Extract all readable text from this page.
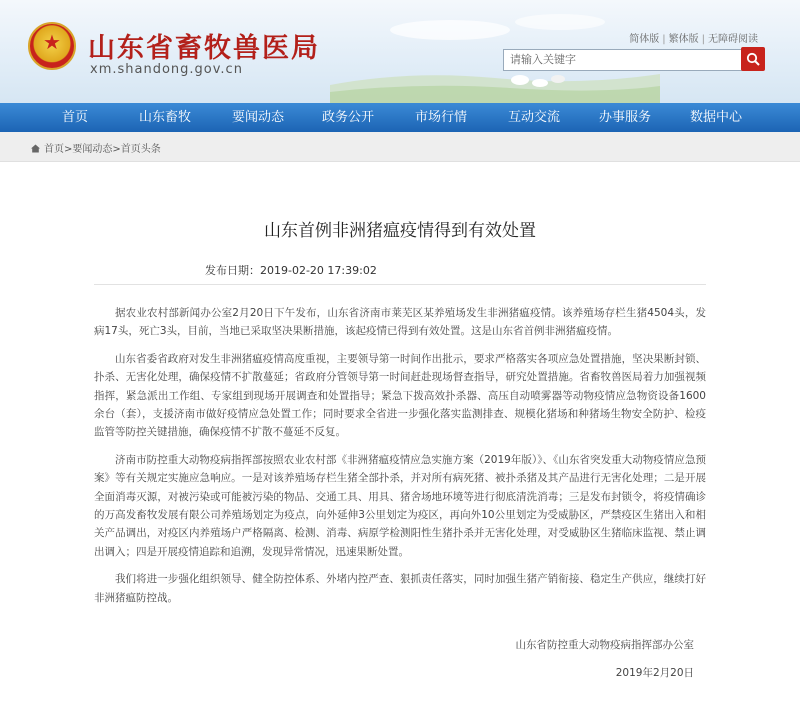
★	山东省畜牧兽医局
xm.shandong.gov.cn
简体版 | 繁体版 | 无障碍阅读
请输入关键字
首页	山东畜牧	要闻动态	政务公开	市场行情	互动交流	办事服务	数据中心
首页>要闻动态>首页头条
山东首例非洲猪瘟疫情得到有效处置
发布日期：2019-02-20 17:39:02

据农业农村部新闻办公室2月20日下午发布，山东省济南市莱芜区某养殖场发生非洲猪瘟疫情。该养殖场存栏生猪4504头，发病17头，死亡3头，目前，当地已采取坚决果断措施，该起疫情已得到有效处置。这是山东省首例非洲猪瘟疫情。

山东省委省政府对发生非洲猪瘟疫情高度重视，主要领导第一时间作出批示，要求严格落实各项应急处置措施，坚决果断封锁、扑杀、无害化处理，确保疫情不扩散蔓延；省政府分管领导第一时间赶赴现场督查指导，研究处置措施。省畜牧兽医局着力加强视频指挥，紧急派出工作组、专家组到现场开展调查和处置指导；紧急下拨高效扑杀器、高压自动喷雾器等动物疫情应急物资设备1600余台（套），支援济南市做好疫情应急处置工作；同时要求全省进一步强化落实监测排查、规模化猪场和种猪场生物安全防护、检疫监管等防控关键措施，确保疫情不扩散不蔓延不反复。

济南市防控重大动物疫病指挥部按照农业农村部《非洲猪瘟疫情应急实施方案（2019年版）》、《山东省突发重大动物疫情应急预案》等有关规定实施应急响应。一是对该养殖场存栏生猪全部扑杀，并对所有病死猪、被扑杀猪及其产品进行无害化处理；二是开展全面消毒灭源，对被污染或可能被污染的物品、交通工具、用具、猪舍场地环境等进行彻底清洗消毒；三是发布封锁令，将疫情确诊的万高发畜牧发展有限公司养殖场划定为疫点，向外延伸3公里划定为疫区，再向外10公里划定为受威胁区，严禁疫区生猪出入和相关产品调出，对疫区内养殖场户严格隔离、检测、消毒、病原学检测阳性生猪扑杀并无害化处理，对受威胁区生猪临床监视、禁止调出调入；四是开展疫情追踪和追溯，发现异常情况，迅速果断处置。

我们将进一步强化组织领导、健全防控体系、外堵内控严查、狠抓责任落实，同时加强生猪产销衔接、稳定生产供应，继续打好非洲猪瘟防控战。

山东省防控重大动物疫病指挥部办公室
2019年2月20日
